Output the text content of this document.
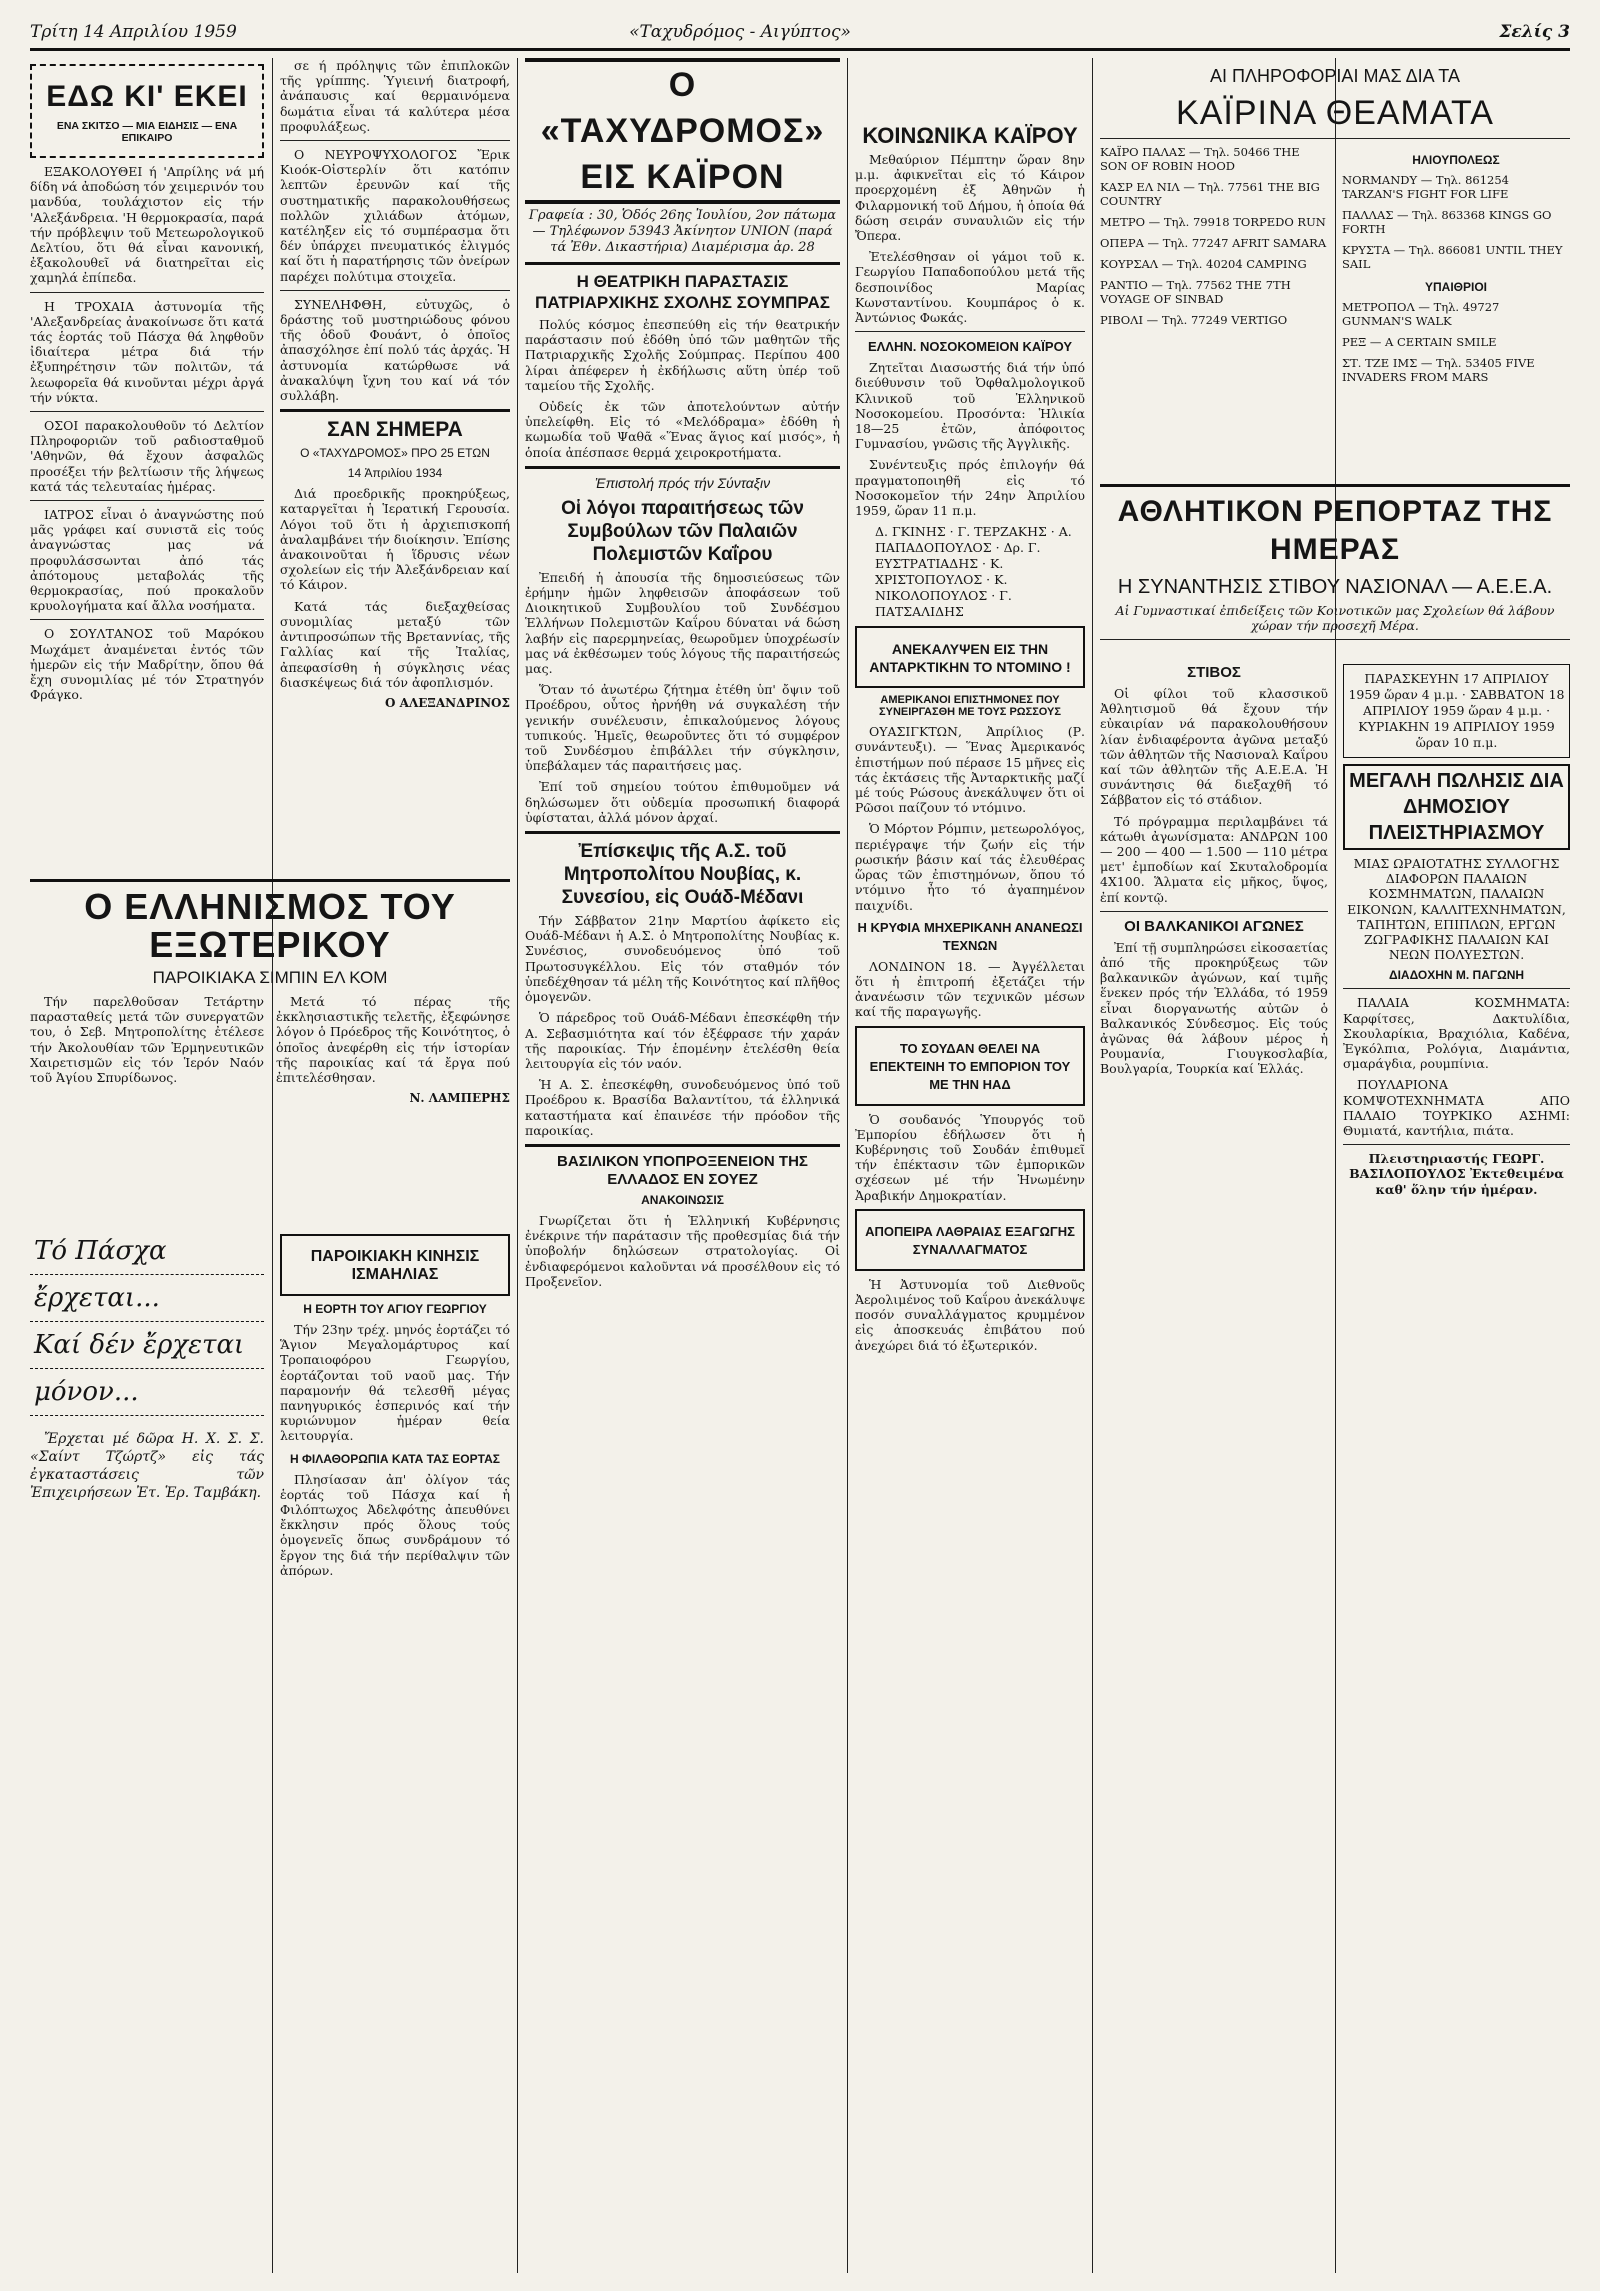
Τρίτη 14 Απριλίου 1959	«Ταχυδρόμος - Αιγύπτος»	Σελίς 3
ΕΔΩ ΚΙ' ΕΚΕΙ
ΕΝΑ ΣΚΙΤΣΟ — ΜΙΑ ΕΙΔΗΣΙΣ — ΕΝΑ ΕΠΙΚΑΙΡΟ

ΕΞΑΚΟΛΟΥΘΕΙ ή 'Απρίλης νά μή δίδη νά ἀποδώση τόν χειμερινόν του μανδύα, τουλάχιστον εἰς τήν 'Αλεξάνδρεια. 'Η θερμοκρασία, παρά τήν πρόβλεψιν τοῦ Μετεωρολογικοῦ Δελτίου, ὅτι θά εἶναι κανονική, ἐξακολουθεῖ νά διατηρεῖται εἰς χαμηλά ἐπίπεδα.

Η ΤΡΟΧΑΙΑ ἀστυνομία τῆς 'Αλεξανδρείας ἀνακοίνωσε ὅτι κατά τάς ἑορτάς τοῦ Πάσχα θά ληφθοῦν ἰδιαίτερα μέτρα διά τήν ἐξυπηρέτησιν τῶν πολιτῶν, τά λεωφορεῖα θά κινοῦνται μέχρι ἀργά τήν νύκτα.

ΟΣΟΙ παρακολουθοῦν τό Δελτίον Πληροφοριῶν τοῦ ραδιοσταθμοῦ 'Αθηνῶν, θά ἔχουν ἀσφαλῶς προσέξει τήν βελτίωσιν τῆς λήψεως κατά τάς τελευταίας ἡμέρας.

ΙΑΤΡΟΣ εἶναι ὁ ἀναγνώστης πού μᾶς γράφει καί συνιστᾶ εἰς τούς ἀναγνώστας μας νά προφυλάσσωνται ἀπό τάς ἀπότομους μεταβολάς τῆς θερμοκρασίας, πού προκαλοῦν κρυολογήματα καί ἄλλα νοσήματα.

Ο ΣΟΥΛΤΑΝΟΣ τοῦ Μαρόκου Μωχάμετ ἀναμένεται ἐντός τῶν ἡμερῶν εἰς τήν Μαδρίτην, ὅπου θά ἔχη συνομιλίας μέ τόν Στρατηγόν Φράγκο.

σε ή πρόληψις τῶν ἐπιπλοκῶν τῆς γρίππης. Ὑγιεινή διατροφή, ἀνάπαυσις καί θερμαινόμενα δωμάτια εἶναι τά καλύτερα μέσα προφυλάξεως.

Ο ΝΕΥΡΟΨΥΧΟΛΟΓΟΣ Ἔρικ Κιοόκ-Οἰστερλίν ὅτι κατόπιν λεπτῶν ἐρευνῶν καί τῆς συστηματικῆς παρακολουθήσεως πολλῶν χιλιάδων ἀτόμων, κατέληξεν εἰς τό συμπέρασμα ὅτι δέν ὑπάρχει πνευματικός ἐλιγμός καί ὅτι ἡ παρατήρησις τῶν ὀνείρων παρέχει πολύτιμα στοιχεῖα.

ΣΥΝΕΛΗΦΘΗ, εὐτυχῶς, ὁ δράστης τοῦ μυστηριώδους φόνου τῆς ὁδοῦ Φουάντ, ὁ ὁποῖος ἀπασχόλησε ἐπί πολύ τάς ἀρχάς. Ἡ ἀστυνομία κατώρθωσε νά ἀνακαλύψη ἴχνη του καί νά τόν συλλάβη.

ΣΑΝ ΣΗΜΕΡΑ
Ο «ΤΑΧΥΔΡΟΜΟΣ» ΠΡΟ 25 ΕΤΩΝ
14 Ἀπριλίου 1934

Διά προεδρικῆς προκηρύξεως, καταργεῖται ἡ Ἱερατική Γερουσία. Λόγοι τοῦ ὅτι ἡ ἀρχιεπισκοπή ἀναλαμβάνει τήν διοίκησιν. Ἐπίσης ἀνακοινοῦται ἡ ἵδρυσις νέων σχολείων εἰς τήν Ἀλεξάνδρειαν καί τό Κάιρον.

Κατά τάς διεξαχθείσας συνομιλίας μεταξύ τῶν ἀντιπροσώπων τῆς Βρεταννίας, τῆς Γαλλίας καί τῆς Ἰταλίας, ἀπεφασίσθη ἡ σύγκλησις νέας διασκέψεως διά τόν ἀφοπλισμόν.

Ο ΑΛΕΞΑΝΔΡΙΝΟΣ
Ο ΕΛΛΗΝΙΣΜΟΣ ΤΟΥ ΕΞΩΤΕΡΙΚΟΥ
ΠΑΡΟΙΚΙΑΚΑ ΣΙΜΠΙΝ ΕΛ ΚΟΜ

Τήν παρελθοῦσαν Τετάρτην παρασταθείς μετά τῶν συνεργατῶν του, ὁ Σεβ. Μητροπολίτης ἐτέλεσε τήν Ἀκολουθίαν τῶν Ἑρμηνευτικῶν Χαιρετισμῶν εἰς τόν Ἱερόν Ναόν τοῦ Ἁγίου Σπυρίδωνος.

Μετά τό πέρας τῆς ἐκκλησιαστικῆς τελετῆς, ἐξεφώνησε λόγον ὁ Πρόεδρος τῆς Κοινότητος, ὁ ὁποῖος ἀνεφέρθη εἰς τήν ἱστορίαν τῆς παροικίας καί τά ἔργα πού ἐπιτελέσθησαν.

Ν. ΛΑΜΠΕΡΗΣ
Τό Πάσχα
ἔρχεται...
Καί δέν ἔρχεται
μόνον...

Ἔρχεται μέ δῶρα Η. Χ. Σ. Σ. «Σαίντ Τζώρτζ» εἰς τάς ἐγκαταστάσεις τῶν Ἐπιχειρήσεων Ἐτ. Ἑρ. Ταμβάκη.

ΠΑΡΟΙΚΙΑΚΗ ΚΙΝΗΣΙΣ ΙΣΜΑΗΛΙΑΣ
Η ΕΟΡΤΗ ΤΟΥ ΑΓΙΟΥ ΓΕΩΡΓΙΟΥ

Τήν 23ην τρέχ. μηνός ἑορτάζει τό Ἅγιον Μεγαλομάρτυρος καί Τροπαιοφόρου Γεωργίου, ἑορτάζονται τοῦ ναοῦ μας. Τήν παραμονήν θά τελεσθῆ μέγας πανηγυρικός ἑσπερινός καί τήν κυριώνυμον ἡμέραν θεία λειτουργία.

Η ΦΙΛΑΘΟΡΩΠΙΑ ΚΑΤΑ ΤΑΣ ΕΟΡΤΑΣ

Πλησίασαν ἀπ' ὀλίγον τάς ἑορτάς τοῦ Πάσχα καί ἡ Φιλόπτωχος Ἀδελφότης ἀπευθύνει ἔκκλησιν πρός ὅλους τούς ὁμογενεῖς ὅπως συνδράμουν τό ἔργον της διά τήν περίθαλψιν τῶν ἀπόρων.

Ο «ΤΑΧΥΔΡΟΜΟΣ» ΕΙΣ ΚΑΪΡΟΝ
Γραφεία : 30, Ὁδός 26ης Ἰουλίου, 2ον πάτωμα — Τηλέφωνον 53943 Ἀκίνητον UNION (παρά τά Ἐθν. Δικαστήρια) Διαμέρισμα ἀρ. 28
Η ΘΕΑΤΡΙΚΗ ΠΑΡΑΣΤΑΣΙΣ ΠΑΤΡΙΑΡΧΙΚΗΣ ΣΧΟΛΗΣ ΣΟΥΜΠΡΑΣ

Πολύς κόσμος ἐπεσπεύθη εἰς τήν θεατρικήν παράστασιν πού ἐδόθη ὑπό τῶν μαθητῶν τῆς Πατριαρχικῆς Σχολῆς Σούμπρας. Περίπου 400 λίραι ἀπέφερεν ἡ ἐκδήλωσις αὕτη ὑπέρ τοῦ ταμείου τῆς Σχολῆς.

Οὐδείς ἐκ τῶν ἀποτελούντων αὐτήν ὑπελείφθη. Εἰς τό «Μελόδραμα» ἐδόθη ἡ κωμωδία τοῦ Ψαθᾶ «Ἕνας ἅγιος καί μισός», ἡ ὁποία ἀπέσπασε θερμά χειροκροτήματα.

Ἐπιστολή πρός τήν Σύνταξιν
Οἱ λόγοι παραιτήσεως τῶν Συμβούλων τῶν Παλαιῶν Πολεμιστῶν Καΐρου

Ἐπειδή ἡ ἀπουσία τῆς δημοσιεύσεως τῶν ἐρήμην ἡμῶν ληφθεισῶν ἀποφάσεων τοῦ Διοικητικοῦ Συμβουλίου τοῦ Συνδέσμου Ἑλλήνων Πολεμιστῶν Καΐρου δύναται νά δώση λαβήν εἰς παρερμηνείας, θεωροῦμεν ὑποχρέωσίν μας νά ἐκθέσωμεν τούς λόγους τῆς παραιτήσεώς μας.

Ὅταν τό ἀνωτέρω ζήτημα ἐτέθη ὑπ' ὄψιν τοῦ Προέδρου, οὗτος ἠρνήθη νά συγκαλέση τήν γενικήν συνέλευσιν, ἐπικαλούμενος λόγους τυπικούς. Ἡμεῖς, θεωροῦντες ὅτι τό συμφέρον τοῦ Συνδέσμου ἐπιβάλλει τήν σύγκλησιν, ὑπεβάλαμεν τάς παραιτήσεις μας.

Ἐπί τοῦ σημείου τούτου ἐπιθυμοῦμεν νά δηλώσωμεν ὅτι οὐδεμία προσωπική διαφορά ὑφίσταται, ἀλλά μόνον ἀρχαί.

Ἐπίσκεψις τῆς Α.Σ. τοῦ Μητροπολίτου Νουβίας, κ. Συνεσίου, εἰς Ουάδ-Μέδανι

Τήν Σάββατον 21ην Μαρτίου ἀφίκετο εἰς Ουάδ-Μέδανι ἡ Α.Σ. ὁ Μητροπολίτης Νουβίας κ. Συνέσιος, συνοδευόμενος ὑπό τοῦ Πρωτοσυγκέλλου. Εἰς τόν σταθμόν τόν ὑπεδέχθησαν τά μέλη τῆς Κοινότητος καί πλῆθος ὁμογενῶν.

Ὁ πάρεδρος τοῦ Ουάδ-Μέδανι ἐπεσκέφθη τήν Α. Σεβασμιότητα καί τόν ἐξέφρασε τήν χαράν τῆς παροικίας. Τήν ἑπομένην ἐτελέσθη θεία λειτουργία εἰς τόν ναόν.

Ἡ Α. Σ. ἐπεσκέφθη, συνοδευόμενος ὑπό τοῦ Προέδρου κ. Βρασίδα Βαλαντίτου, τά ἑλληνικά καταστήματα καί ἐπαινέσε τήν πρόοδον τῆς παροικίας.

ΒΑΣΙΛΙΚΟΝ ΥΠΟΠΡΟΞΕΝΕΙΟΝ ΤΗΣ ΕΛΛΑΔΟΣ ΕΝ ΣΟΥΕΖ
ΑΝΑΚΟΙΝΩΣΙΣ

Γνωρίζεται ὅτι ἡ Ἑλληνική Κυβέρνησις ἐνέκρινε τήν παράτασιν τῆς προθεσμίας διά τήν ὑποβολήν δηλώσεων στρατολογίας. Οἱ ἐνδιαφερόμενοι καλοῦνται νά προσέλθουν εἰς τό Προξενεῖον.

ΚΟΙΝΩΝΙΚΑ ΚΑΪΡΟΥ

Μεθαύριον Πέμπτην ὥραν 8ην μ.μ. ἀφικνεῖται εἰς τό Κάιρον προερχομένη ἐξ Ἀθηνῶν ἡ Φιλαρμονική τοῦ Δήμου, ἡ ὁποία θά δώση σειράν συναυλιῶν εἰς τήν Ὄπερα.

Ἐτελέσθησαν οἱ γάμοι τοῦ κ. Γεωργίου Παπαδοπούλου μετά τῆς δεσποινίδος Μαρίας Κωνσταντίνου. Κουμπάρος ὁ κ. Ἀντώνιος Φωκάς.

ΕΛΛΗΝ. ΝΟΣΟΚΟΜΕΙΟΝ ΚΑΪΡΟΥ

Ζητεῖται Διασωστής διά τήν ὑπό διεύθυνσιν τοῦ Ὀφθαλμολογικοῦ Κλινικοῦ τοῦ Ἑλληνικοῦ Νοσοκομείου. Προσόντα: Ἡλικία 18—25 ἐτῶν, ἀπόφοιτος Γυμνασίου, γνῶσις τῆς Ἀγγλικῆς.

Συνέντευξις πρός ἐπιλογήν θά πραγματοποιηθῆ εἰς τό Νοσοκομεῖον τήν 24ην Ἀπριλίου 1959, ὥραν 11 π.μ.

Δ. ΓΚΙΝΗΣ · Γ. ΤΕΡΖΑΚΗΣ · Α. ΠΑΠΑΔΟΠΟΥΛΟΣ · Δρ. Γ. ΕΥΣΤΡΑΤΙΑΔΗΣ · Κ. ΧΡΙΣΤΟΠΟΥΛΟΣ · Κ. ΝΙΚΟΛΟΠΟΥΛΟΣ · Γ. ΠΑΤΣΑΛΙΔΗΣ
ΑΝΕΚΑΛΥΨΕΝ ΕΙΣ ΤΗΝ ΑΝΤΑΡΚΤΙΚΗΝ ΤΟ ΝΤΟΜΙΝΟ !
ΑΜΕΡΙΚΑΝΟΙ ΕΠΙΣΤΗΜΟΝΕΣ ΠΟΥ ΣΥΝΕΙΡΓΑΣΘΗ ΜΕ ΤΟΥΣ ΡΩΣΣΟΥΣ

ΟΥΑΣΙΓΚΤΩΝ, Ἀπρίλιος (Ρ. συνάντευξι). — Ἕνας Ἀμερικανός ἐπιστήμων πού πέρασε 15 μῆνες εἰς τάς ἐκτάσεις τῆς Ἀνταρκτικῆς μαζί μέ τούς Ρώσους ἀνεκάλυψεν ὅτι οἱ Ρῶσοι παίζουν τό ντόμινο.

Ὁ Μόρτον Ρόμπιν, μετεωρολόγος, περιέγραψε τήν ζωήν εἰς τήν ρωσικήν βάσιν καί τάς ἐλευθέρας ὥρας τῶν ἐπιστημόνων, ὅπου τό ντόμινο ἦτο τό ἀγαπημένον παιχνίδι.

Η ΚΡΥΦΙΑ ΜΗΧΕΡΙΚΑΝΗ ΑΝΑΝΕΩΣΙ ΤΕΧΝΩΝ

ΛΟΝΔΙΝΟΝ 18. — Ἀγγέλλεται ὅτι ἡ ἐπιτροπή ἐξετάζει τήν ἀνανέωσιν τῶν τεχνικῶν μέσων καί τῆς παραγωγῆς.

ΤΟ ΣΟΥΔΑΝ ΘΕΛΕΙ ΝΑ ΕΠΕΚΤΕΙΝΗ ΤΟ ΕΜΠΟΡΙΟΝ ΤΟΥ ΜΕ ΤΗΝ ΗΑΔ

Ὁ σουδανός Ὑπουργός τοῦ Ἐμπορίου ἐδήλωσεν ὅτι ἡ Κυβέρνησις τοῦ Σουδάν ἐπιθυμεῖ τήν ἐπέκτασιν τῶν ἐμπορικῶν σχέσεων μέ τήν Ἡνωμένην Ἀραβικήν Δημοκρατίαν.

ΑΠΟΠΕΙΡΑ ΛΑΘΡΑΙΑΣ ΕΞΑΓΩΓΗΣ ΣΥΝΑΛΛΑΓΜΑΤΟΣ

Ἡ Ἀστυνομία τοῦ Διεθνοῦς Ἀερολιμένος τοῦ Καΐρου ἀνεκάλυψε ποσόν συναλλάγματος κρυμμένον εἰς ἀποσκευάς ἐπιβάτου πού ἀνεχώρει διά τό ἐξωτερικόν.

ΑΙ ΠΛΗΡΟΦΟΡΙΑΙ ΜΑΣ ΔΙΑ ΤΑ
ΚΑΪΡΙΝΑ ΘΕΑΜΑΤΑ

ΚΑΪΡΟ ΠΑΛΑΣ — Τηλ. 50466 THE SON OF ROBIN HOOD

ΚΑΣΡ ΕΛ ΝΙΛ — Τηλ. 77561 THE BIG COUNTRY

ΜΕΤΡΟ — Τηλ. 79918 TORPEDO RUN

ΟΠΕΡΑ — Τηλ. 77247 AFRIT SAMARA

ΚΟΥΡΣΑΛ — Τηλ. 40204 CAMPING

ΡΑΝΤΙΟ — Τηλ. 77562 THE 7TH VOYAGE OF SINBAD

ΡΙΒΟΛΙ — Τηλ. 77249 VERTIGO

ΗΛΙΟΥΠΟΛΕΩΣ

NORMANDY — Τηλ. 861254 TARZAN'S FIGHT FOR LIFE

ΠΑΛΛΑΣ — Τηλ. 863368 KINGS GO FORTH

ΚΡΥΣΤΑ — Τηλ. 866081 UNTIL THEY SAIL

ΥΠΑΙΘΡΙΟΙ

ΜΕΤΡΟΠΟΛ — Τηλ. 49727 GUNMAN'S WALK

ΡΕΞ — A CERTAIN SMILE

ΣΤ. ΤΖΕ ΙΜΣ — Τηλ. 53405 FIVE INVADERS FROM MARS

ΑΘΛΗΤΙΚΟΝ ΡΕΠΟΡΤΑΖ ΤΗΣ ΗΜΕΡΑΣ
Η ΣΥΝΑΝΤΗΣΙΣ ΣΤΙΒΟΥ ΝΑΣΙΟΝΑΛ — Α.Ε.Ε.Α.

Αἱ Γυμναστικαί ἐπιδείξεις τῶν Κοινοτικῶν μας Σχολείων θά λάβουν χώραν τήν προσεχῆ Μέρα.

ΣΤΙΒΟΣ

Οἱ φίλοι τοῦ κλασσικοῦ Ἀθλητισμοῦ θά ἔχουν τήν εὐκαιρίαν νά παρακολουθήσουν λίαν ἐνδιαφέροντα ἀγῶνα μεταξύ τῶν ἀθλητῶν τῆς Νασιοναλ Καΐρου καί τῶν ἀθλητῶν τῆς Α.Ε.Ε.Α. Ἡ συνάντησις θά διεξαχθῆ τό Σάββατον εἰς τό στάδιον.

Τό πρόγραμμα περιλαμβάνει τά κάτωθι ἀγωνίσματα: ΑΝΔΡΩΝ 100 — 200 — 400 — 1.500 — 110 μέτρα μετ' ἐμποδίων καί Σκυταλοδρομία 4Χ100. Ἅλματα εἰς μῆκος, ὕψος, ἐπί κοντῷ.

ΟΙ ΒΑΛΚΑΝΙΚΟΙ ΑΓΩΝΕΣ

Ἐπί τῇ συμπληρώσει εἰκοσαετίας ἀπό τῆς προκηρύξεως τῶν βαλκανικῶν ἀγώνων, καί τιμῆς ἕνεκεν πρός τήν Ἑλλάδα, τό 1959 εἶναι διοργανωτής αὐτῶν ὁ Βαλκανικός Σύνδεσμος. Εἰς τούς ἀγῶνας θά λάβουν μέρος ἡ Ρουμανία, Γιουγκοσλαβία, Βουλγαρία, Τουρκία καί Ἑλλάς.

ΠΑΡΑΣΚΕΥΗΝ 17 ΑΠΡΙΛΙΟΥ 1959 ὥραν 4 μ.μ. · ΣΑΒΒΑΤΟΝ 18 ΑΠΡΙΛΙΟΥ 1959 ὥραν 4 μ.μ. · ΚΥΡΙΑΚΗΝ 19 ΑΠΡΙΛΙΟΥ 1959 ὥραν 10 π.μ.
ΜΕΓΑΛΗ ΠΩΛΗΣΙΣ ΔΙΑ ΔΗΜΟΣΙΟΥ ΠΛΕΙΣΤΗΡΙΑΣΜΟΥ

ΜΙΑΣ ΩΡΑΙΟΤΑΤΗΣ ΣΥΛΛΟΓΗΣ ΔΙΑΦΟΡΩΝ ΠΑΛΑΙΩΝ ΚΟΣΜΗΜΑΤΩΝ, ΠΑΛΑΙΩΝ ΕΙΚΟΝΩΝ, ΚΑΛΛΙΤΕΧΝΗΜΑΤΩΝ, ΤΑΠΗΤΩΝ, ΕΠΙΠΛΩΝ, ΕΡΓΩΝ ΖΩΓΡΑΦΙΚΗΣ ΠΑΛΑΙΩΝ ΚΑΙ ΝΕΩΝ ΠΟΛΥΕΣΤΩΝ.

ΔΙΑΔΟΧΗΝ Μ. ΠΑΓΩΝΗ

ΠΑΛΑΙΑ ΚΟΣΜΗΜΑΤΑ: Καρφίτσες, Δακτυλίδια, Σκουλαρίκια, Βραχιόλια, Καδένα, Ἐγκόλπια, Ρολόγια, Διαμάντια, σμαράγδια, ρουμπίνια.

ΠΟΥΛΑΡΙΟΝΑ ΚΟΜΨΟΤΕΧΝΗΜΑΤΑ ΑΠΟ ΠΑΛΑΙΟ ΤΟΥΡΚΙΚΟ ΑΣΗΜΙ: Θυμιατά, καντήλια, πιάτα.

Πλειστηριαστής ΓΕΩΡΓ. ΒΑΣΙΛΟΠΟΥΛΟΣ Ἐκτεθειμένα καθ' ὅλην τήν ἡμέραν.
